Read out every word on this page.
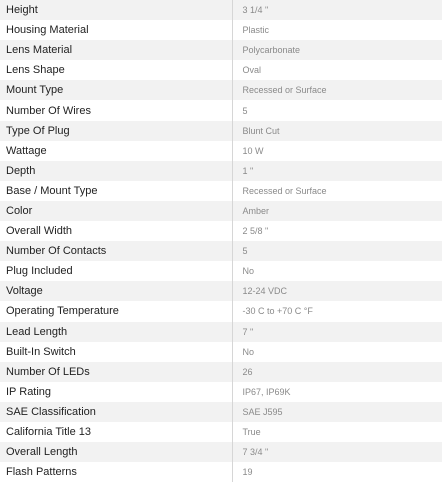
Height	3 1/4 "
Housing Material	Plastic
Lens Material	Polycarbonate
Lens Shape	Oval
Mount Type	Recessed or Surface
Number Of Wires	5
Type Of Plug	Blunt Cut
Wattage	10 W
Depth	1 "
Base / Mount Type	Recessed or Surface
Color	Amber
Overall Width	2 5/8 "
Number Of Contacts	5
Plug Included	No
Voltage	12-24 VDC
Operating Temperature	-30 C to +70 C °F
Lead Length	7 "
Built-In Switch	No
Number Of LEDs	26
IP Rating	IP67, IP69K
SAE Classification	SAE J595
California Title 13	True
Overall Length	7 3/4 "
Flash Patterns	19
